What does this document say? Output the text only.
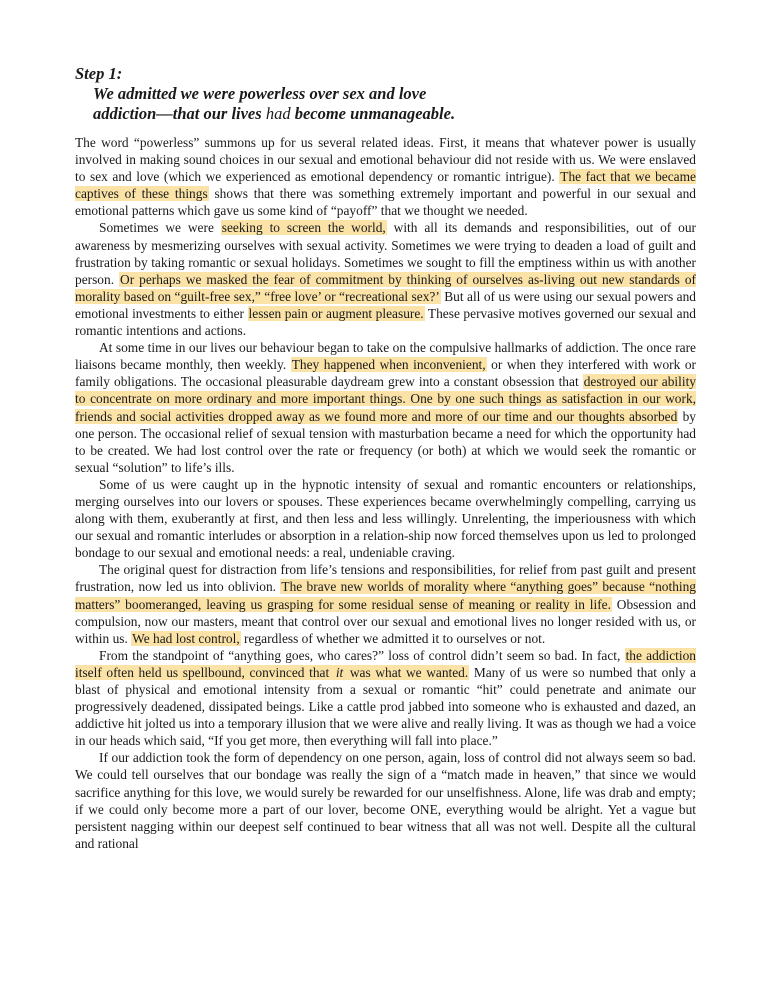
Step 1:
We admitted we were powerless over sex and love
addiction—that our lives had become unmanageable.

The word “powerless” summons up for us several related ideas. First, it means that whatever power is usually involved in making sound choices in our sexual and emotional behaviour did not reside with us. We were enslaved to sex and love (which we experienced as emotional dependency or romantic intrigue). The fact that we became captives of these things shows that there was something extremely important and powerful in our sexual and emotional patterns which gave us some kind of “payoff” that we thought we needed.

Sometimes we were seeking to screen the world, with all its demands and responsibilities, out of our awareness by mesmerizing ourselves with sexual activity. Sometimes we were trying to deaden a load of guilt and frustration by taking romantic or sexual holidays. Sometimes we sought to fill the emptiness within us with another person. Or perhaps we masked the fear of commitment by thinking of ourselves as-living out new standards of morality based on “guilt-free sex,” “free love’ or “recreational sex?’ But all of us were using our sexual powers and emotional investments to either lessen pain or augment pleasure. These pervasive motives governed our sexual and romantic intentions and actions.

At some time in our lives our behaviour began to take on the compulsive hallmarks of addiction. The once rare liaisons became monthly, then weekly. They happened when inconvenient, or when they interfered with work or family obligations. The occasional pleasurable daydream grew into a constant obsession that destroyed our ability to concentrate on more ordinary and more important things. One by one such things as satisfaction in our work, friends and social activities dropped away as we found more and more of our time and our thoughts absorbed by one person. The occasional relief of sexual tension with masturbation became a need for which the opportunity had to be created. We had lost control over the rate or frequency (or both) at which we would seek the romantic or sexual “solution” to life’s ills.

Some of us were caught up in the hypnotic intensity of sexual and romantic encounters or relationships, merging ourselves into our lovers or spouses. These experiences became overwhelmingly compelling, carrying us along with them, exuberantly at first, and then less and less willingly. Unrelenting, the imperiousness with which our sexual and romantic interludes or absorption in a relation-ship now forced themselves upon us led to prolonged bondage to our sexual and emotional needs: a real, undeniable craving.

The original quest for distraction from life’s tensions and responsibilities, for relief from past guilt and present frustration, now led us into oblivion. The brave new worlds of morality where “anything goes” because “nothing matters” boomeranged, leaving us grasping for some residual sense of meaning or reality in life. Obsession and compulsion, now our masters, meant that control over our sexual and emotional lives no longer resided with us, or within us. We had lost control, regardless of whether we admitted it to ourselves or not.

From the standpoint of “anything goes, who cares?” loss of control didn’t seem so bad. In fact, the addiction itself often held us spellbound, convinced that it was what we wanted. Many of us were so numbed that only a blast of physical and emotional intensity from a sexual or romantic “hit” could penetrate and animate our progressively deadened, dissipated beings. Like a cattle prod jabbed into someone who is exhausted and dazed, an addictive hit jolted us into a temporary illusion that we were alive and really living. It was as though we had a voice in our heads which said, “If you get more, then everything will fall into place.”

If our addiction took the form of dependency on one person, again, loss of control did not always seem so bad. We could tell ourselves that our bondage was really the sign of a “match made in heaven,” that since we would sacrifice anything for this love, we would surely be rewarded for our unselfishness. Alone, life was drab and empty; if we could only become more a part of our lover, become ONE, everything would be alright. Yet a vague but persistent nagging within our deepest self continued to bear witness that all was not well. Despite all the cultural and rational
